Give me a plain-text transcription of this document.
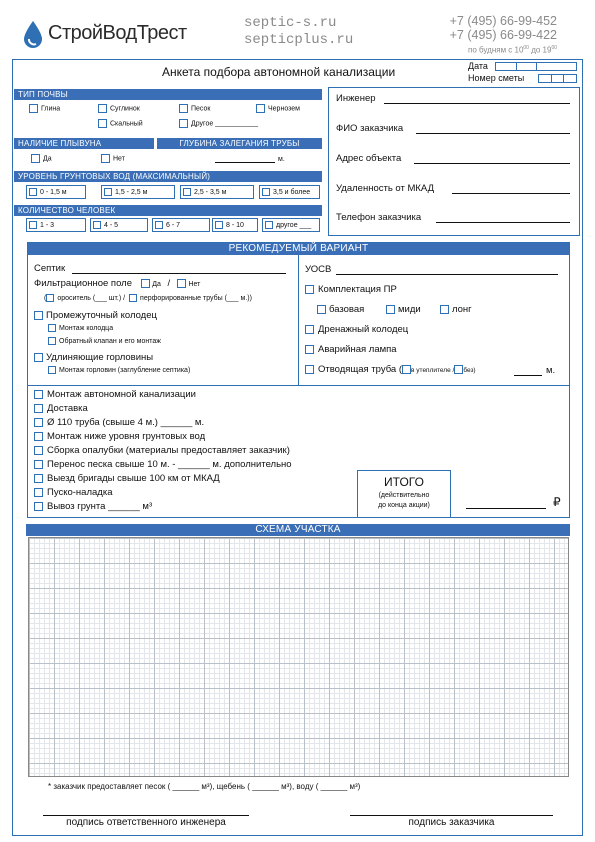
СтройВодТрест	septic-s.ru
septicplus.ru
+7 (495) 66-99-452
+7 (495) 66-99-422
по будням с $10^{00}$ до $19^{00}$
Анкета подбора автономной канализации	Дата
Номер сметы
ТИП ПОЧВЫ
Глина	Суглинок	Песок	Чернозем
Скальный	Другое ___________
НАЛИЧИЕ ПЛЫВУНА	ГЛУБИНА ЗАЛЕГАНИЯ ТРУБЫ
Да	Нет	м.
УРОВЕНЬ ГРУНТОВЫХ ВОД (МАКСИМАЛЬНЫЙ)
0 - 1,5 м	1,5 - 2,5 м	2,5 - 3,5 м	3,5 и более
КОЛИЧЕСТВО ЧЕЛОВЕК
1 - 3	4 - 5	6 - 7	8 - 10	другое ___
Инженер
ФИО заказчика
Адрес объекта
Удаленность от МКАД
Телефон заказчика
РЕКОМЕДУЕМЫЙ ВАРИАНТ
Септик
Фильтрационное поле	Да /	Нет
( ороситель (___ шт.) / перфорированные трубы (___ м.))
Промежуточный колодец
Монтаж колодца
Обратный клапан и его монтаж
Удлиняющие горловины
Монтаж горловин (заглубление септика)
УОСВ
Комплектация ПР
базовая	миди	лонг
Дренажный колодец
Аварийная лампа
Отводящая труба ( в утеплителе / без)	м.
Монтаж автономной канализации
Доставка
Ø 110 труба (свыше 4 м.) ______ м.
Монтаж ниже уровня грунтовых вод
Сборка опалубки (материалы предоставляет заказчик)
Перенос песка свыше 10 м. - ______ м. дополнительно
Выезд бригады свыше 100 км от МКАД
Пуско-наладка
Вывоз грунта ______ м³
ИТОГО
(действительно
до конца акции)	₽
СХЕМА УЧАСТКА
* заказчик предоставляет песок ( ______ м³), щебень ( ______ м³), воду ( ______ м³)
подпись ответственного инженера	подпись заказчика
